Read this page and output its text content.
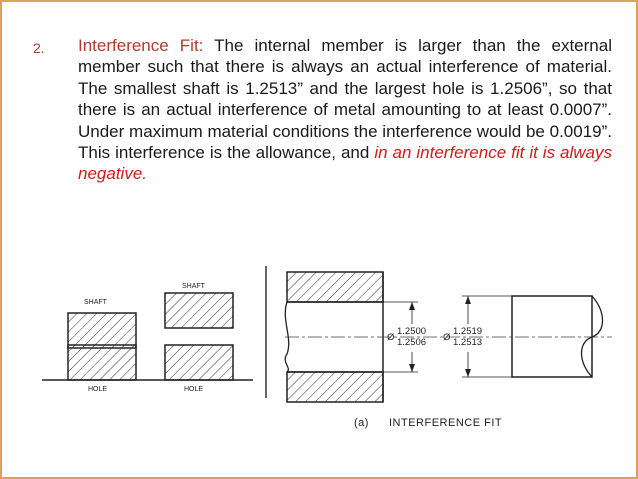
2. Interference Fit: The internal member is larger than the external member such that there is always an actual interference of material. The smallest shaft is 1.2513” and the largest hole is 1.2506”, so that there is an actual interference of metal amounting to at least 0.0007”. Under maximum material conditions the interference would be 0.0019”. This interference is the allowance, and in an interference fit it is always negative.

SHAFT
HOLE
SHAFT
HOLE
Ø
1.2500
1.2506 Ø
1.2519
1.2513
(a) INTERFERENCE FIT
